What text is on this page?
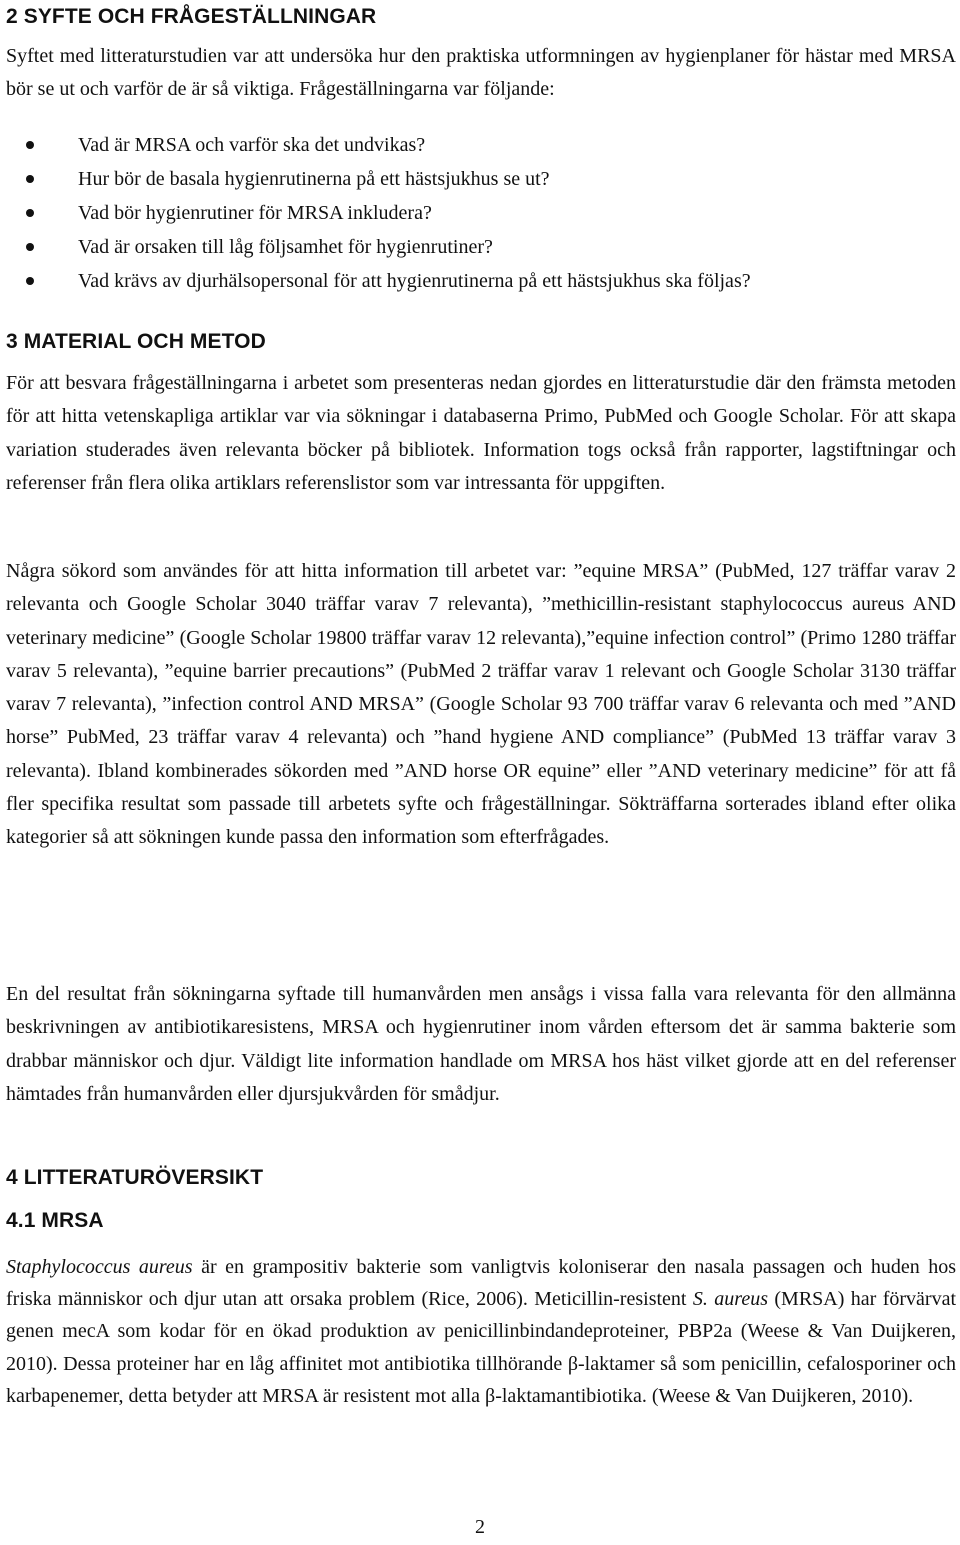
2 SYFTE OCH FRÅGESTÄLLNINGAR

Syftet med litteraturstudien var att undersöka hur den praktiska utformningen av hygienplaner för hästar med MRSA bör se ut och varför de är så viktiga. Frågeställningarna var följande:

Vad är MRSA och varför ska det undvikas?
Hur bör de basala hygienrutinerna på ett hästsjukhus se ut?
Vad bör hygienrutiner för MRSA inkludera?
Vad är orsaken till låg följsamhet för hygienrutiner?
Vad krävs av djurhälsopersonal för att hygienrutinerna på ett hästsjukhus ska följas?
3 MATERIAL OCH METOD

För att besvara frågeställningarna i arbetet som presenteras nedan gjordes en litteraturstudie där den främsta metoden för att hitta vetenskapliga artiklar var via sökningar i databaserna Primo, PubMed och Google Scholar. För att skapa variation studerades även relevanta böcker på bibliotek. Information togs också från rapporter, lagstiftningar och referenser från flera olika artiklars referenslistor som var intressanta för uppgiften.

Några sökord som användes för att hitta information till arbetet var: ”equine MRSA” (PubMed, 127 träffar varav 2 relevanta och Google Scholar 3040 träffar varav 7 relevanta), ”methicillin-resistant staphylococcus aureus AND veterinary medicine” (Google Scholar 19800 träffar varav 12 relevanta),”equine infection control” (Primo 1280 träffar varav 5 relevanta), ”equine barrier precautions” (PubMed 2 träffar varav 1 relevant och Google Scholar 3130 träffar varav 7 relevanta), ”infection control AND MRSA” (Google Scholar 93 700 träffar varav 6 relevanta och med ”AND horse” PubMed, 23 träffar varav 4 relevanta) och ”hand hygiene AND compliance” (PubMed 13 träffar varav 3 relevanta). Ibland kombinerades sökorden med ”AND horse OR equine” eller ”AND veterinary medicine” för att få fler specifika resultat som passade till arbetets syfte och frågeställningar. Sökträffarna sorterades ibland efter olika kategorier så att sökningen kunde passa den information som efterfrågades.

En del resultat från sökningarna syftade till humanvården men ansågs i vissa falla vara relevanta för den allmänna beskrivningen av antibiotikaresistens, MRSA och hygienrutiner inom vården eftersom det är samma bakterie som drabbar människor och djur. Väldigt lite information handlade om MRSA hos häst vilket gjorde att en del referenser hämtades från humanvården eller djursjukvården för smådjur.

4 LITTERATURÖVERSIKT
4.1 MRSA

Staphylococcus aureus är en grampositiv bakterie som vanligtvis koloniserar den nasala passagen och huden hos friska människor och djur utan att orsaka problem (Rice, 2006). Meticillin-resistent S. aureus (MRSA) har förvärvat genen mecA som kodar för en ökad produktion av penicillinbindandeproteiner, PBP2a (Weese & Van Duijkeren, 2010). Dessa proteiner har en låg affinitet mot antibiotika tillhörande β-laktamer så som penicillin, cefalosporiner och karbapenemer, detta betyder att MRSA är resistent mot alla β-laktamantibiotika. (Weese & Van Duijkeren, 2010).

2
